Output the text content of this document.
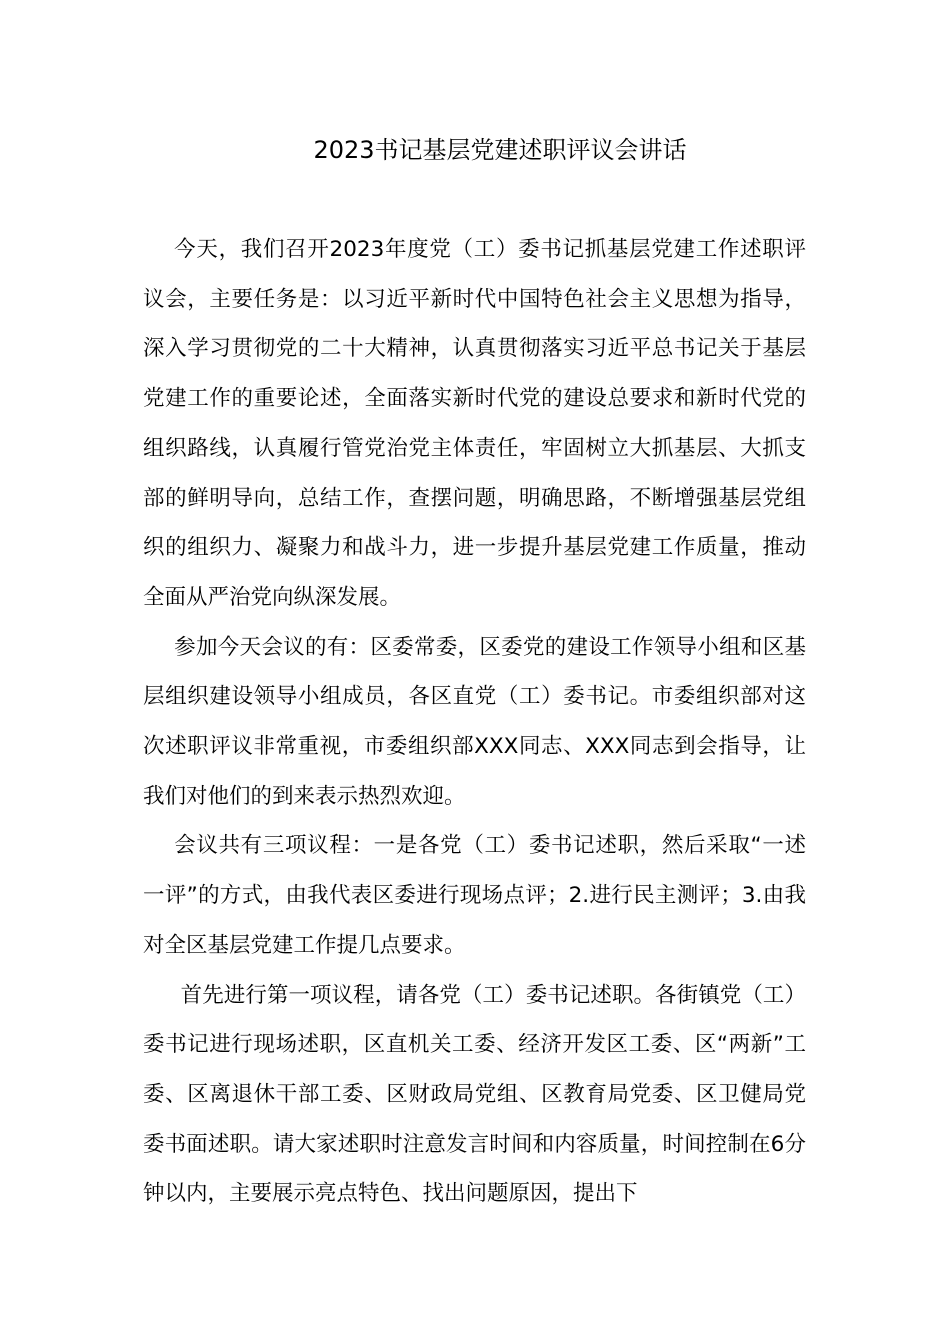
2023书记基层党建述职评议会讲话

今天，我们召开2023年度党（工）委书记抓基层党建工作述职评议会，主要任务是：以习近平新时代中国特色社会主义思想为指导，深入学习贯彻党的二十大精神，认真贯彻落实习近平总书记关于基层党建工作的重要论述，全面落实新时代党的建设总要求和新时代党的组织路线，认真履行管党治党主体责任，牢固树立大抓基层、大抓支部的鲜明导向，总结工作，查摆问题，明确思路，不断增强基层党组织的组织力、凝聚力和战斗力，进一步提升基层党建工作质量，推动全面从严治党向纵深发展。

参加今天会议的有：区委常委，区委党的建设工作领导小组和区基层组织建设领导小组成员，各区直党（工）委书记。市委组织部对这次述职评议非常重视，市委组织部XXX同志、XXX同志到会指导，让我们对他们的到来表示热烈欢迎。

会议共有三项议程：一是各党（工）委书记述职，然后采取“一述一评”的方式，由我代表区委进行现场点评；2.进行民主测评；3.由我对全区基层党建工作提几点要求。

首先进行第一项议程，请各党（工）委书记述职。各街镇党（工）委书记进行现场述职，区直机关工委、经济开发区工委、区“两新”工委、区离退休干部工委、区财政局党组、区教育局党委、区卫健局党委书面述职。请大家述职时注意发言时间和内容质量，时间控制在6分钟以内，主要展示亮点特色、找出问题原因，提出下
